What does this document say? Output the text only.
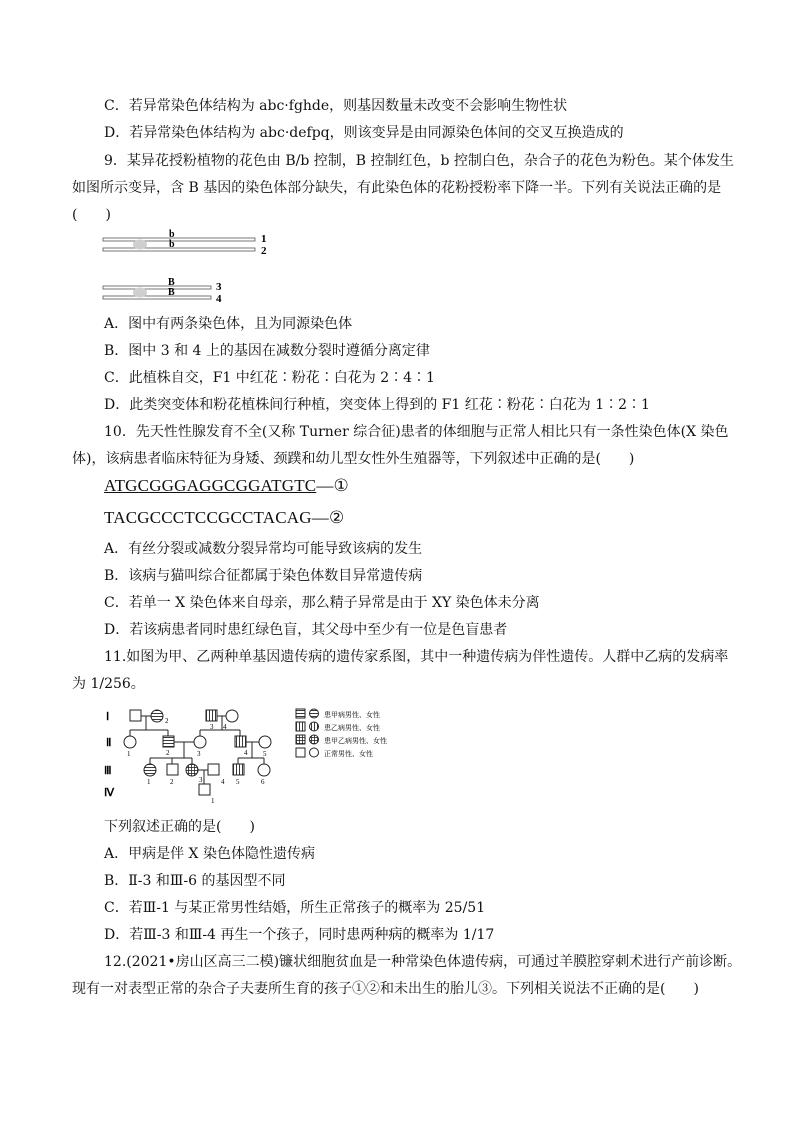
C．若异常染色体结构为 abc·fghde，则基因数量未改变不会影响生物性状
D．若异常染色体结构为 abc·defpq，则该变异是由同源染色体间的交叉互换造成的
9．某异花授粉植物的花色由 B/b 控制，B 控制红色，b 控制白色，杂合子的花色为粉色。某个体发生
如图所示变异，含 B 基因的染色体部分缺失，有此染色体的花粉授粉率下降一半。下列有关说法正确的是
(　　)
b
b	1
2
B
B	3
4
A．图中有两条染色体，且为同源染色体
B．图中 3 和 4 上的基因在减数分裂时遵循分离定律
C．此植株自交，F1 中红花∶粉花∶白花为 2∶4∶1
D．此类突变体和粉花植株间行种植，突变体上得到的 F1 红花∶粉花∶白花为 1∶2∶1
10．先天性性腺发育不全(又称 Turner 综合征)患者的体细胞与正常人相比只有一条性染色体(X 染色
体)，该病患者临床特征为身矮、颈蹼和幼儿型女性外生殖器等，下列叙述中正确的是(　　)
ATGCGGGAGGCGGATGTC—①
TACGCCCTCCGCCTACAG—②
A．有丝分裂或减数分裂异常均可能导致该病的发生
B．该病与猫叫综合征都属于染色体数目异常遗传病
C．若单一 X 染色体来自母亲，那么精子异常是由于 XY 染色体未分离
D．若该病患者同时患红绿色盲，其父母中至少有一位是色盲患者
11.如图为甲、乙两种单基因遗传病的遗传家系图，其中一种遗传病为伴性遗传。人群中乙病的发病率
为 1/256。
Ⅰ
Ⅱ
Ⅲ
Ⅳ
2
3 4
1	2	3	4 5
1	2	3	4 5	6
1
患甲病男性、女性
患乙病男性、女性
患甲乙病男性、女性
正常男性、女性
下列叙述正确的是(　　)
A．甲病是伴 X 染色体隐性遗传病
B．Ⅱ-3 和Ⅲ-6 的基因型不同
C．若Ⅲ-1 与某正常男性结婚，所生正常孩子的概率为 25/51
D．若Ⅲ-3 和Ⅲ-4 再生一个孩子，同时患两种病的概率为 1/17
12.(2021•房山区高三二模)镰状细胞贫血是一种常染色体遗传病，可通过羊膜腔穿刺术进行产前诊断。
现有一对表型正常的杂合子夫妻所生育的孩子①②和未出生的胎儿③。下列相关说法不正确的是(　　)
